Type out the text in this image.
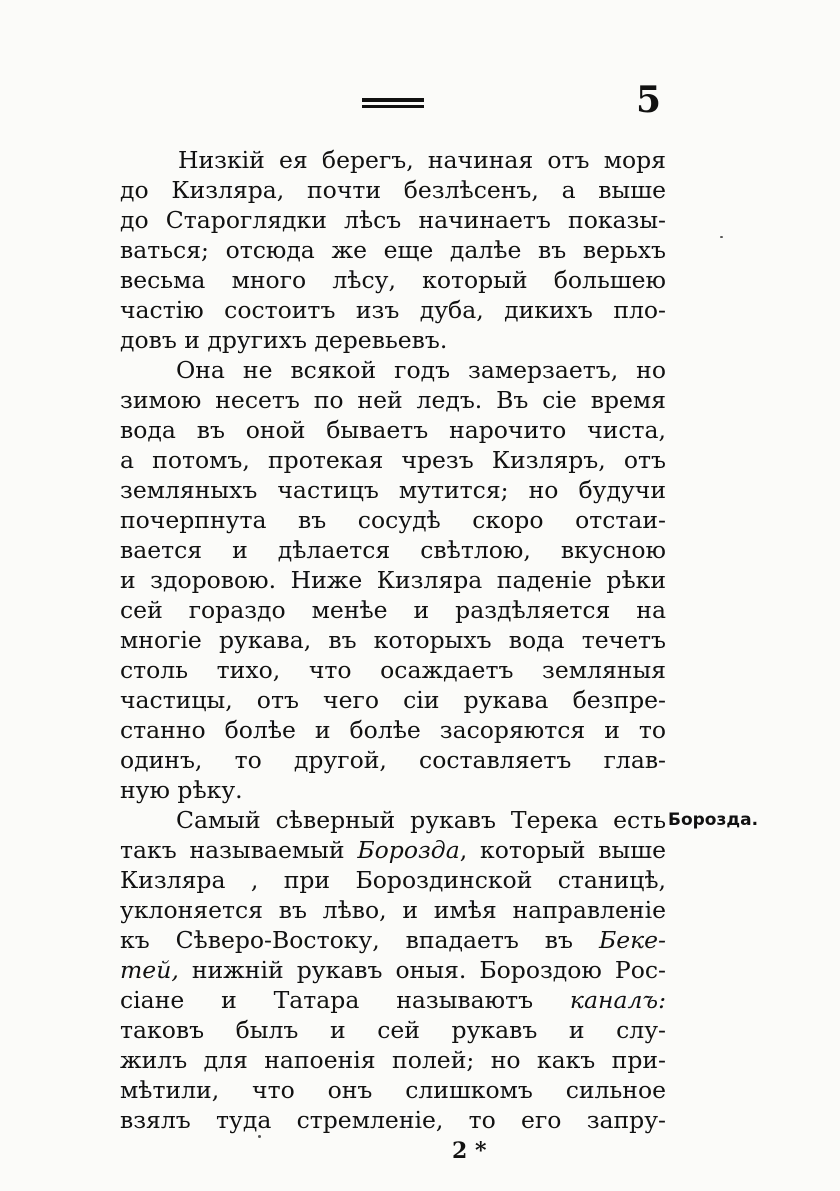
5
Низкій ея берегъ, начиная отъ моря
до Кизляра, почти безлѣсенъ, а выше
до Староглядки лѣсъ начинаетъ показы-
ваться; отсюда же еще далѣе въ верьхъ
весьма много лѣсу, который большею
частію состоитъ изъ дуба, дикихъ пло-
довъ и другихъ деревьевъ.
Она не всякой годъ замерзаетъ, но
зимою несетъ по ней ледъ. Въ сіе время
вода въ оной бываетъ нарочито чиста,
а потомъ, протекая чрезъ Кизляръ, отъ
земляныхъ частицъ мутится; но будучи
почерпнута въ сосудѣ скоро отстаи-
вается и дѣлается свѣтлою, вкусною
и здоровою. Ниже Кизляра паденіе рѣки
сей гораздо менѣе и раздѣляется на
многіе рукава, въ которыхъ вода течетъ
столь тихо, что осаждаетъ земляныя
частицы, отъ чего сіи рукава безпре-
станно болѣе и болѣе засоряются и то
одинъ, то другой, составляетъ глав-
ную рѣку.
Самый сѣверный рукавъ Терека есть Борозда.
такъ называемый Борозда, который выше
Кизляра , при Бороздинской станицѣ,
уклоняется въ лѣво, и имѣя направленіе
къ Сѣверо-Востоку, впадаетъ въ Беке-
тей, нижній рукавъ оныя. Бороздою Рос-
сіане и Татара называютъ каналъ:
таковъ былъ и сей рукавъ и слу-
жилъ для напоенія полей; но какъ при-
мѣтили, что онъ слишкомъ сильное
взялъ туда стремленіе, то его запру-
2 *
